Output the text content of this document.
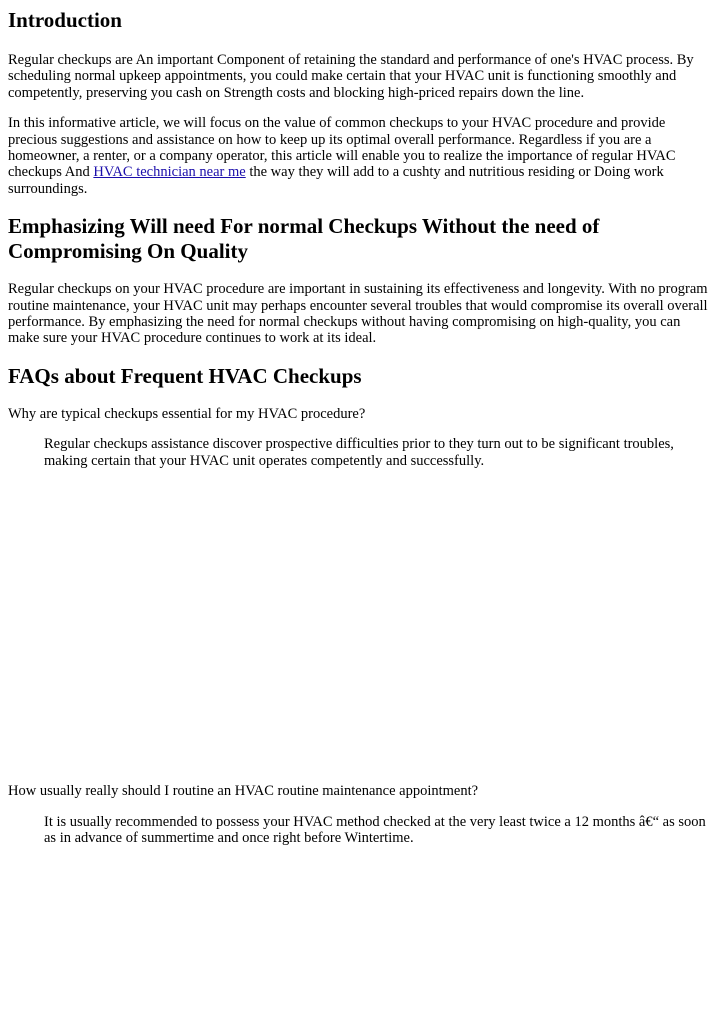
Introduction

Regular checkups are An important Component of retaining the standard and performance of one's HVAC process. By scheduling normal upkeep appointments, you could make certain that your HVAC unit is functioning smoothly and competently, preserving you cash on Strength costs and blocking high-priced repairs down the line.

In this informative article, we will focus on the value of common checkups to your HVAC procedure and provide precious suggestions and assistance on how to keep up its optimal overall performance. Regardless if you are a homeowner, a renter, or a company operator, this article will enable you to realize the importance of regular HVAC checkups And HVAC technician near me the way they will add to a cushty and nutritious residing or Doing work surroundings.

Emphasizing Will need For normal Checkups Without the need of Compromising On Quality

Regular checkups on your HVAC procedure are important in sustaining its effectiveness and longevity. With no program routine maintenance, your HVAC unit may perhaps encounter several troubles that would compromise its overall overall performance. By emphasizing the need for normal checkups without having compromising on high-quality, you can make sure your HVAC procedure continues to work at its ideal.

FAQs about Frequent HVAC Checkups

Why are typical checkups essential for my HVAC procedure?

Regular checkups assistance discover prospective difficulties prior to they turn out to be significant troubles, making certain that your HVAC unit operates competently and successfully.

How usually really should I routine an HVAC routine maintenance appointment?

It is usually recommended to possess your HVAC method checked at the very least twice a 12 months â€“ as soon as in advance of summertime and once right before Wintertime.
